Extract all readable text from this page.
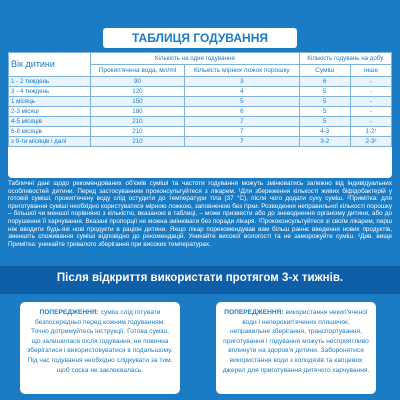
ТАБЛИЦЯ ГОДУВАННЯ
Вік дитини	Кількість на одне годування		Кількість годувань на добу	
	Прокип'ячена вода, мл/ml	Кількість мірних ложок порошку	Суміш	Інше
1 - 2 тиждень	90	3	6	-
3 - 4 тиждень	120	4	5	-
1 місяць	150	5	5	-
2-3 місяці	180	6	5	-
4-5 місяців	210	7	5	-
6-8 місяців	210	7	4-3	1-2¹
з 9-ти місяців і далі	210	7	3-2	2-3²

Табличні дані щодо рекомендованих об'ємів суміші та частоти годування можуть змінюватись залежно від індивідуальних особливостей дитини. Перед застосуванням проконсультуйтеся з лікарем. ¹Для збереження кількості живих біфідобактерій у готовій суміші, прокип'ячену воду слід остудити до температури тіла (37 °С), після чого додати сухy суміш. ²Примітка: для приготування суміші необхідно користуватися мірною ложкою, заповненою без гірки. Розведення неправильної кількості порошку – більшої чи меншої порівняно з кількістю, вказаною в таблиці, – може призвести або до зневоднення організму дитини, або до порушення її харчування. Вказані пропорції не можна змінювати без поради лікаря. ¹Прококонсультуйтеся зі своїм лікарем, перш ніж вводити будь-які нові продукти в раціон дитини. Якщо лікар порекомендував вам більш раннє введення нових продуктів, зменшіть споживання суміші відповідно до рекомендацій. Уникайте високої вологості та не заморожуйте суміш. ²Див. вище Примітка: уникайте тривалого зберігання при високих температурах.

Після відкриття використати протягом 3-х тижнів.
ПОПЕРЕДЖЕННЯ: суміш слід готувати безпосередньо перед кожним годуванням. Точно дотримуйтесь інструкції. Готова суміш, що залишилася після годування, не повинна зберігатися і використовуватися в подальшому. Під час годування необхідно слідкувати за тим, щоб соска не заклеєвалась.
ПОПЕРЕДЖЕННЯ: використання некип'яченої води і неперекип'ячених пляшечок, неправильне зберігання, транспортування, приготування і годування можуть несприятливо вплинути на здоров'я дитини. Заборонятися використання води з колодязів та капцевих джерел для приготування дитячого харчування.
